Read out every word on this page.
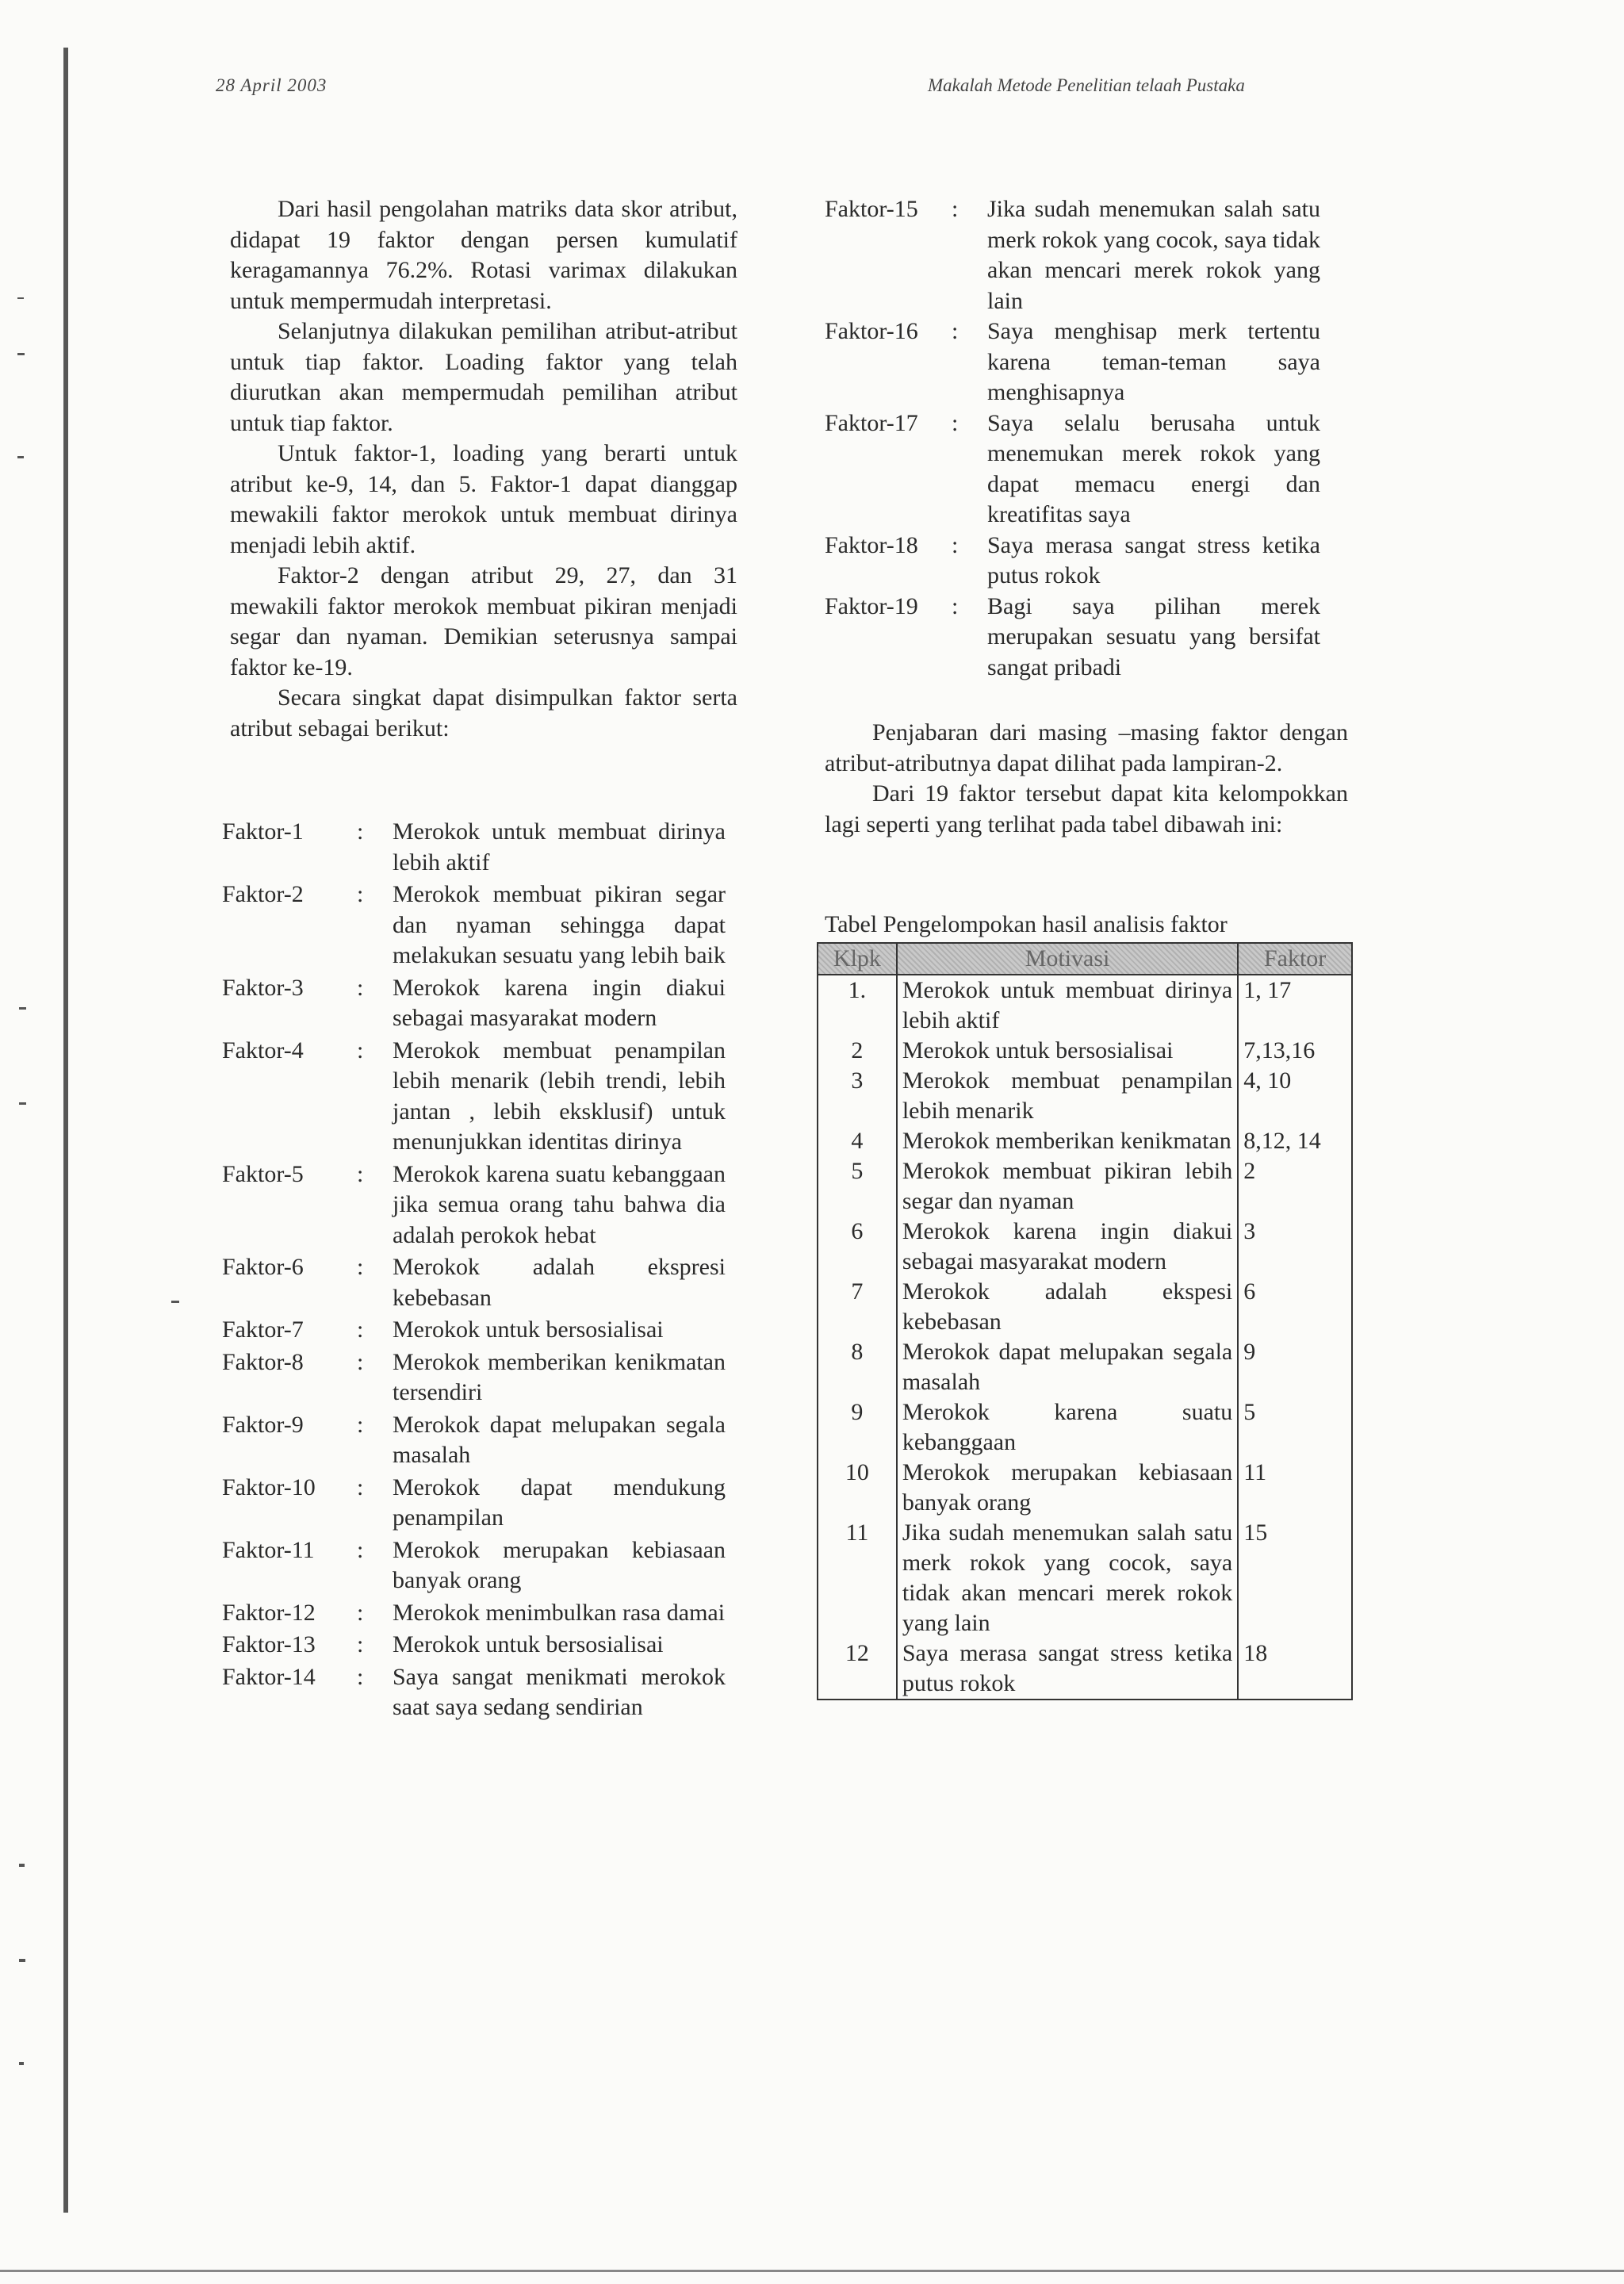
28 April 2003	Makalah Metode Penelitian telaah Pustaka

Dari hasil pengolahan matriks data skor atribut, didapat 19 faktor dengan persen kumulatif keragamannya 76.2%. Rotasi varimax dilakukan untuk mempermudah interpretasi.

Selanjutnya dilakukan pemilihan atribut-atribut untuk tiap faktor. Loading faktor yang telah diurutkan akan mempermudah pemilihan atribut untuk tiap faktor.

Untuk faktor-1, loading yang berarti untuk atribut ke-9, 14, dan 5. Faktor-1 dapat dianggap mewakili faktor merokok untuk membuat dirinya menjadi lebih aktif.

Faktor-2 dengan atribut 29, 27, dan 31 mewakili faktor merokok membuat pikiran menjadi segar dan nyaman. Demikian seterusnya sampai faktor ke-19.

Secara singkat dapat disimpulkan faktor serta atribut sebagai berikut:

Faktor-1	:	Merokok untuk membuat dirinya lebih aktif
Faktor-2	:	Merokok membuat pikiran segar dan nyaman sehingga dapat melakukan sesuatu yang lebih baik
Faktor-3	:	Merokok karena ingin diakui sebagai masyarakat modern
Faktor-4	:	Merokok membuat penampilan lebih menarik (lebih trendi, lebih jantan , lebih eksklusif) untuk menunjukkan identitas dirinya
Faktor-5	:	Merokok karena suatu kebanggaan jika semua orang tahu bahwa dia adalah perokok hebat
Faktor-6	:	Merokok adalah ekspresi kebebasan
Faktor-7	:	Merokok untuk bersosialisai
Faktor-8	:	Merokok memberikan kenikmatan tersendiri
Faktor-9	:	Merokok dapat melupakan segala masalah
Faktor-10	:	Merokok dapat mendukung penampilan
Faktor-11	:	Merokok merupakan kebiasaan banyak orang
Faktor-12	:	Merokok menimbulkan rasa damai
Faktor-13	:	Merokok untuk bersosialisai
Faktor-14	:	Saya sangat menikmati merokok saat saya sedang sendirian
Faktor-15	:	Jika sudah menemukan salah satu merk rokok yang cocok, saya tidak akan mencari merek rokok yang lain
Faktor-16	:	Saya menghisap merk tertentu karena teman-teman saya menghisapnya
Faktor-17	:	Saya selalu berusaha untuk menemukan merek rokok yang dapat memacu energi dan kreatifitas saya
Faktor-18	:	Saya merasa sangat stress ketika putus rokok
Faktor-19	:	Bagi saya pilihan merek merupakan sesuatu yang bersifat sangat pribadi

Penjabaran dari masing –masing faktor dengan atribut-atributnya dapat dilihat pada lampiran-2.

Dari 19 faktor tersebut dapat kita kelompokkan lagi seperti yang terlihat pada tabel dibawah ini:

Tabel Pengelompokan hasil analisis faktor
Klpk	Motivasi	Faktor
1.	Merokok untuk membuat dirinya lebih aktif	1, 17
2	Merokok untuk bersosialisai	7,13,16
3	Merokok membuat penampilan lebih menarik	4, 10
4	Merokok memberikan kenikmatan	8,12, 14
5	Merokok membuat pikiran lebih segar dan nyaman	2
6	Merokok karena ingin diakui sebagai masyarakat modern	3
7	Merokok adalah ekspesi kebebasan	6
8	Merokok dapat melupakan segala masalah	9
9	Merokok karena suatu kebanggaan	5
10	Merokok merupakan kebiasaan banyak orang	11
11	Jika sudah menemukan salah satu merk rokok yang cocok, saya tidak akan mencari merek rokok yang lain	15
12	Saya merasa sangat stress ketika putus rokok	18
